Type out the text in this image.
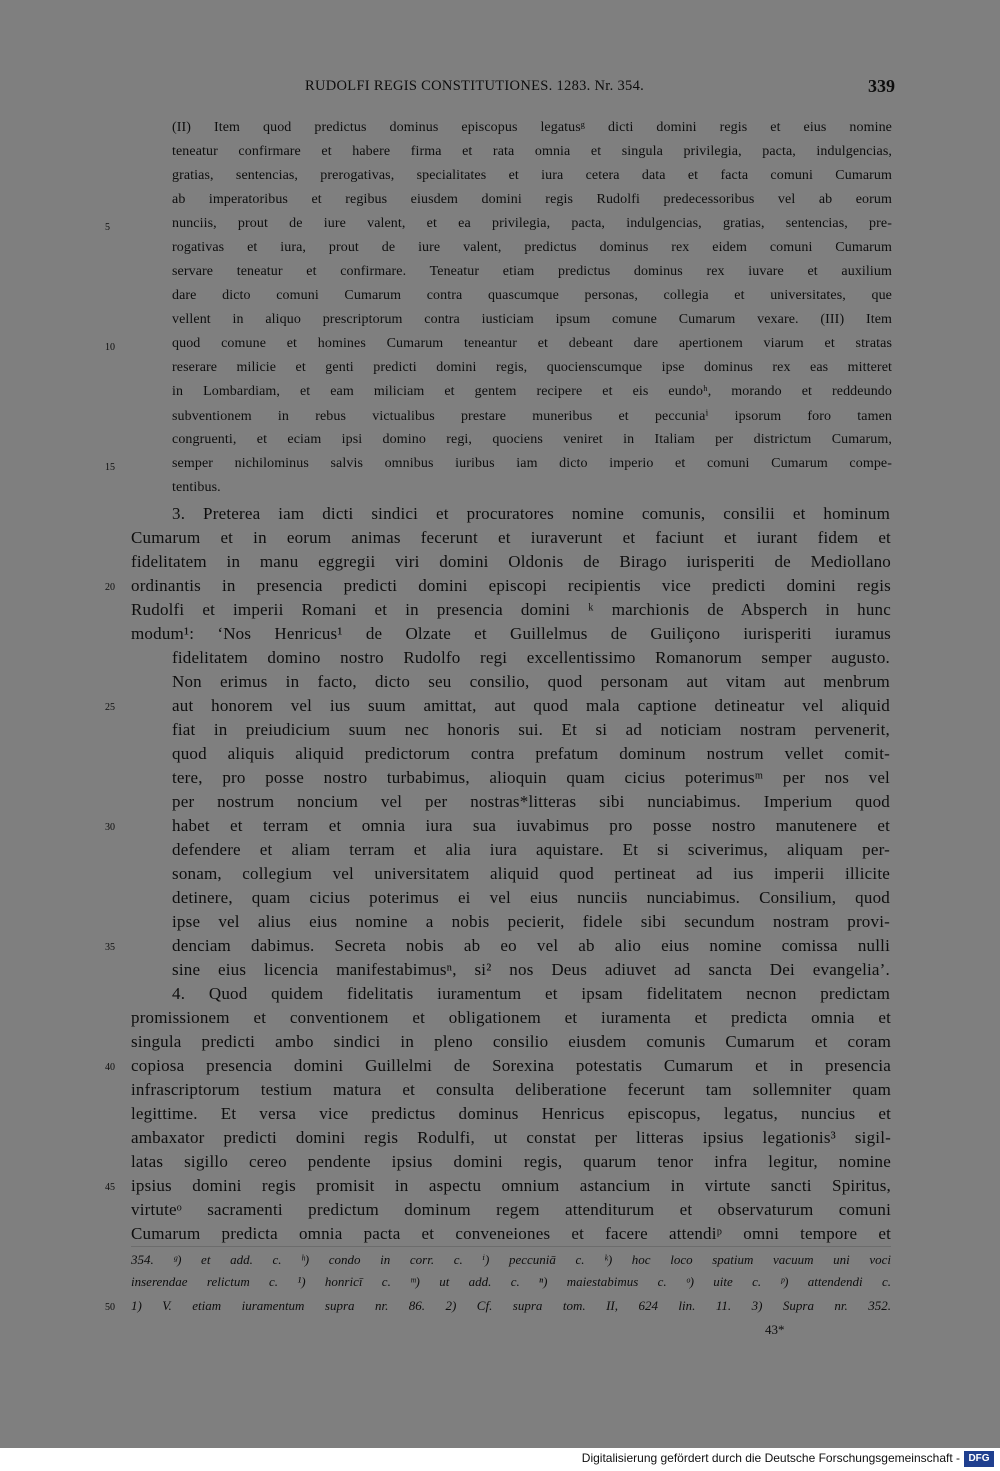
RUDOLFI REGIS CONSTITUTIONES. 1283. Nr. 354.	339
(II) Item quod predictus dominus episcopus legatusᵍ dicti domini regis et eius nomine
teneatur confirmare et habere firma et rata omnia et singula privilegia, pacta, indulgencias,
gratias, sentencias, prerogativas, specialitates et iura cetera data et facta comuni Cumarum
ab imperatoribus et regibus eiusdem domini regis Rudolfi predecessoribus vel ab eorum
nunciis, prout de iure valent, et ea privilegia, pacta, indulgencias, gratias, sentencias, pre-
rogativas et iura, prout de iure valent, predictus dominus rex eidem comuni Cumarum
servare teneatur et confirmare. Teneatur etiam predictus dominus rex iuvare et auxilium
dare dicto comuni Cumarum contra quascumque personas, collegia et universitates, que
vellent in aliquo prescriptorum contra iusticiam ipsum comune Cumarum vexare. (III) Item
quod comune et homines Cumarum teneantur et debeant dare apertionem viarum et stratas
reserare milicie et genti predicti domini regis, quocienscumque ipse dominus rex eas mitteret
in Lombardiam, et eam miliciam et gentem recipere et eis eundoʰ, morando et reddeundo
subventionem in rebus victualibus prestare muneribus et peccuniaⁱ ipsorum foro tamen
congruenti, et eciam ipsi domino regi, quociens veniret in Italiam per districtum Cumarum,
semper nichilominus salvis omnibus iuribus iam dicto imperio et comuni Cumarum compe-
tentibus.
3. Preterea iam dicti sindici et procuratores nomine comunis, consilii et hominum
Cumarum et in eorum animas fecerunt et iuraverunt et faciunt et iurant fidem et
fidelitatem in manu eggregii viri domini Oldonis de Birago iurisperiti de Mediollano
ordinantis in presencia predicti domini episcopi recipientis vice predicti domini regis
Rudolfi et imperii Romani et in presencia domini ᵏ marchionis de Absperch in hunc
modum¹: ‘Nos Henricus¹ de Olzate et Guillelmus de Guiliçono iurisperiti iuramus
fidelitatem domino nostro Rudolfo regi excellentissimo Romanorum semper augusto.
Non erimus in facto, dicto seu consilio, quod personam aut vitam aut menbrum
aut honorem vel ius suum amittat, aut quod mala captione detineatur vel aliquid
fiat in preiudicium suum nec honoris sui. Et si ad noticiam nostram pervenerit,
quod aliquis aliquid predictorum contra prefatum dominum nostrum vellet comit-
tere, pro posse nostro turbabimus, alioquin quam cicius poterimusᵐ per nos vel
per nostrum noncium vel per nostras*litteras sibi nunciabimus. Imperium quod
habet et terram et omnia iura sua iuvabimus pro posse nostro manutenere et
defendere et aliam terram et alia iura aquistare. Et si sciverimus, aliquam per-
sonam, collegium vel universitatem aliquid quod pertineat ad ius imperii illicite
detinere, quam cicius poterimus ei vel eius nunciis nunciabimus. Consilium, quod
ipse vel alius eius nomine a nobis pecierit, fidele sibi secundum nostram provi-
denciam dabimus. Secreta nobis ab eo vel ab alio eius nomine comissa nulli
sine eius licencia manifestabimusⁿ, si² nos Deus adiuvet ad sancta Dei evangelia’.
4. Quod quidem fidelitatis iuramentum et ipsam fidelitatem necnon predictam
promissionem et conventionem et obligationem et iuramenta et predicta omnia et
singula predicti ambo sindici in pleno consilio eiusdem comunis Cumarum et coram
copiosa presencia domini Guillelmi de Sorexina potestatis Cumarum et in presencia
infrascriptorum testium matura et consulta deliberatione fecerunt tam sollemniter quam
legittime. Et versa vice predictus dominus Henricus episcopus, legatus, nuncius et
ambaxator predicti domini regis Rodulfi, ut constat per litteras ipsius legationis³ sigil-
latas sigillo cereo pendente ipsius domini regis, quarum tenor infra legitur, nomine
ipsius domini regis promisit in aspectu omnium astancium in virtute sancti Spiritus,
virtuteᵒ sacramenti predictum dominum regem attenditurum et observaturum comuni
Cumarum predicta omnia pacta et conveneiones et facere attendiᵖ omni tempore et
5
10
15
20
25
30
35
40
45
50
354. ᵍ) et add. c. ʰ) condo in corr. c. ⁱ) peccuniā c. ᵏ) hoc loco spatium vacuum uni voci
inserendae relictum c. ¹) honricī c. ᵐ) ut add. c. ⁿ) maiestabimus c. ᵒ) uite c. ᵖ) attendendi c.
1) V. etiam iuramentum supra nr. 86. 2) Cf. supra tom. II, 624 lin. 11. 3) Supra nr. 352.
43*
Digitalisierung gefördert durch die Deutsche Forschungsgemeinschaft - DFG
